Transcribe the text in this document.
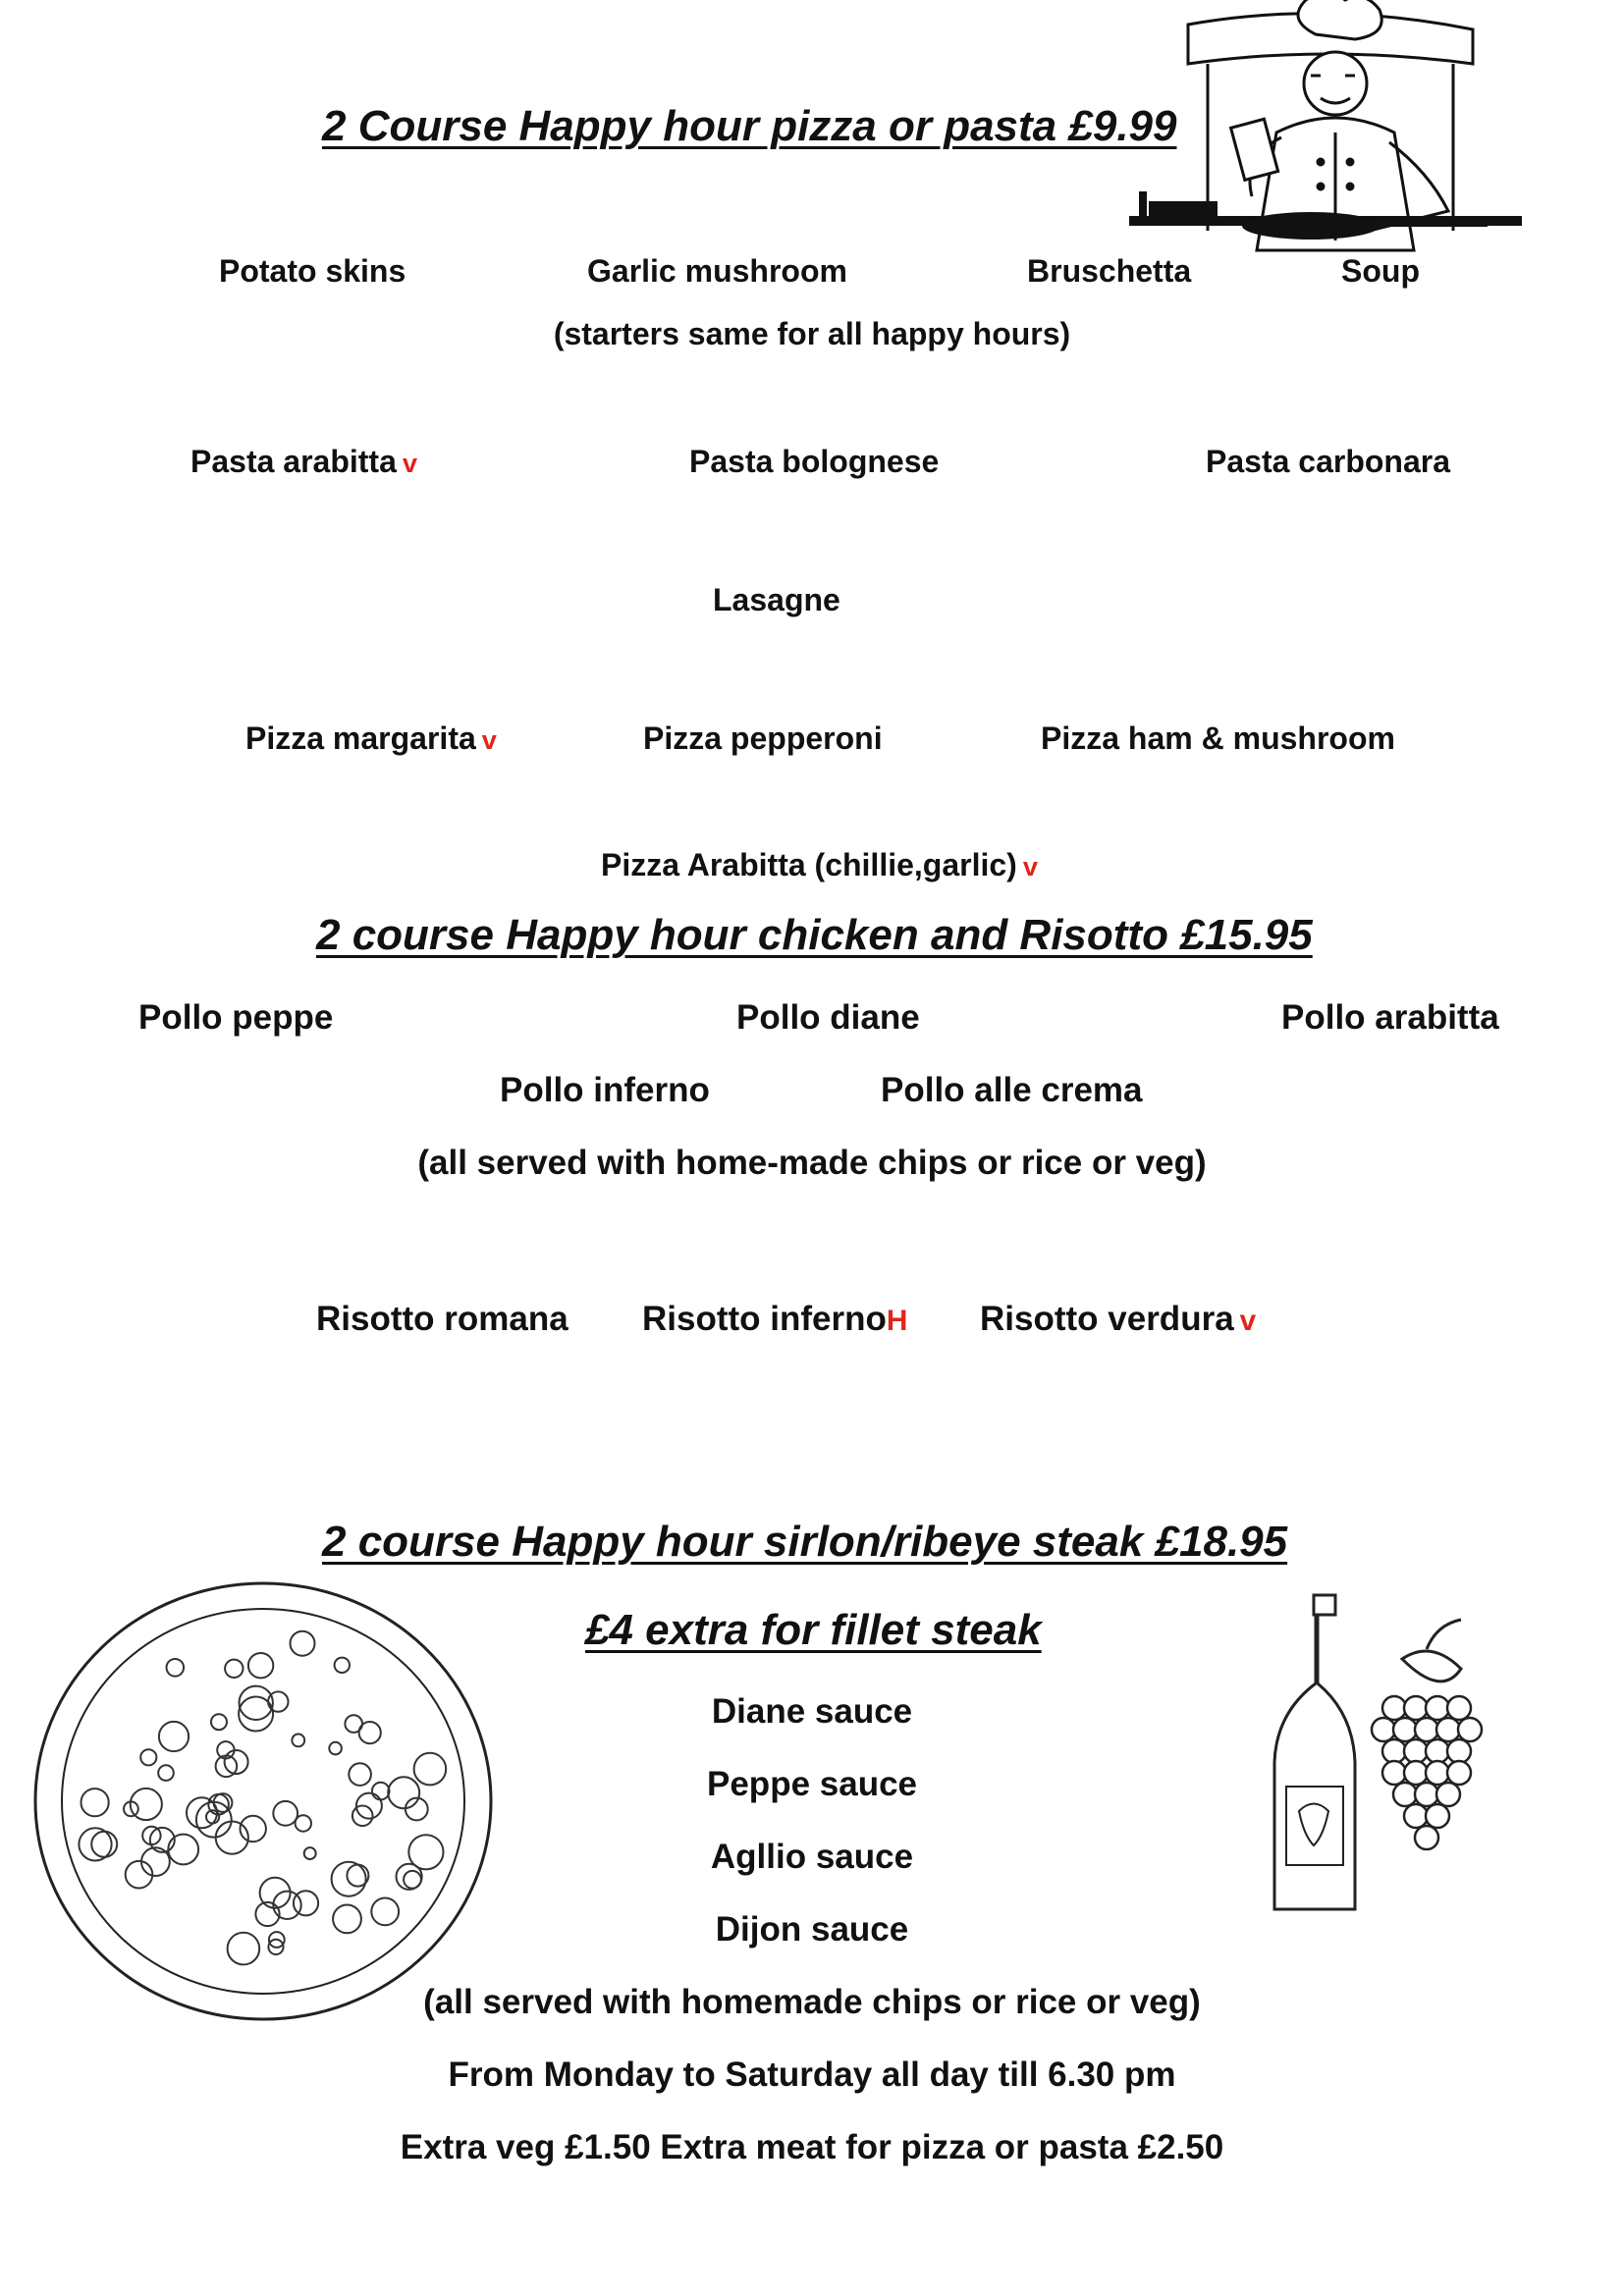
2 Course Happy hour pizza or pasta £9.99
Potato skins	Garlic mushroom	Bruschetta	Soup
(starters same for all happy hours)
Pasta arabitta v	Pasta bolognese	Pasta carbonara
Lasagne
Pizza margarita v	Pizza pepperoni	Pizza ham & mushroom
Pizza Arabitta (chillie,garlic) v
2 course Happy hour chicken and Risotto £15.95
Pollo peppe	Pollo diane	Pollo arabitta
Pollo inferno	Pollo alle crema
(all served with home-made chips or rice or veg)
Risotto romana Risotto infernoH Risotto verdura v
2 course Happy hour sirlon/ribeye steak £18.95
£4 extra for fillet steak
Diane sauce
Peppe sauce
Agllio sauce
Dijon sauce
(all served with homemade chips or rice or veg)
From Monday to Saturday all day till 6.30 pm
Extra veg £1.50 Extra meat for pizza or pasta £2.50
